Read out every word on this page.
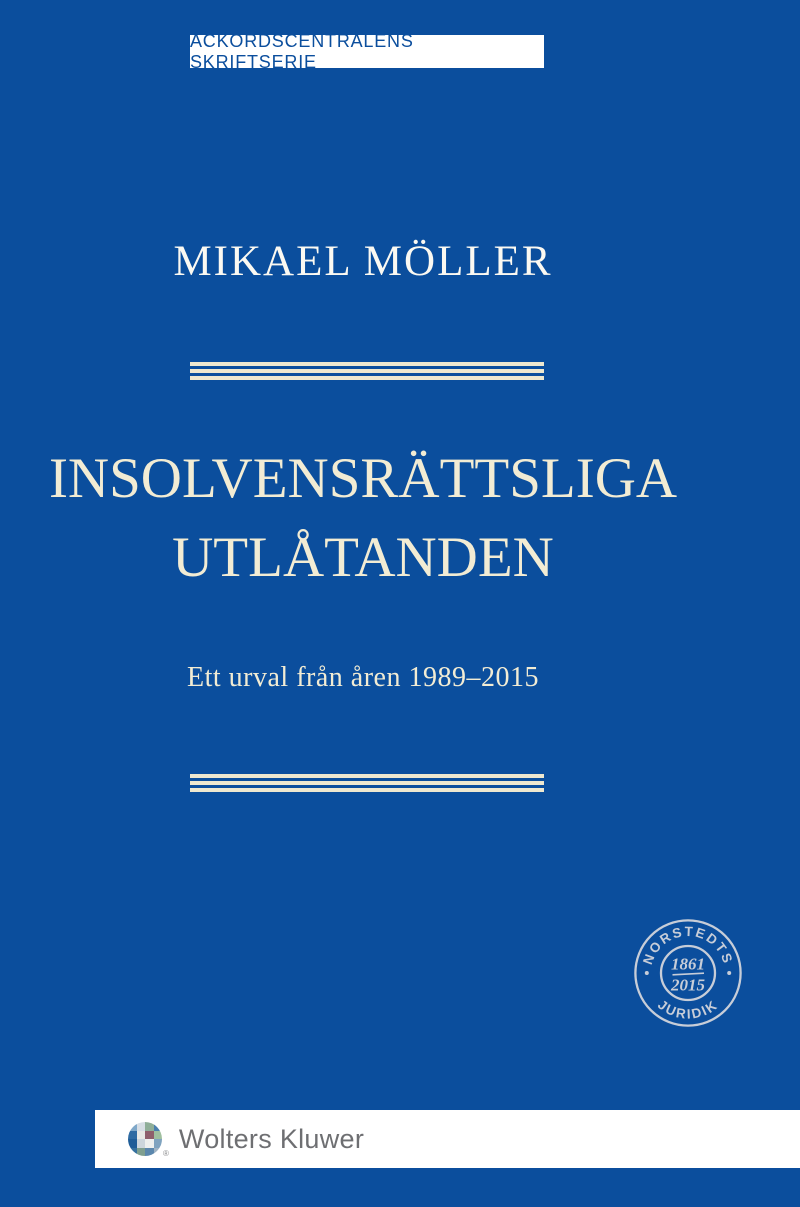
ACKORDSCENTRALENS SKRIFTSERIE
MIKAEL MÖLLER
INSOLVENSRÄTTSLIGA
UTLÅTANDEN
Ett urval från åren 1989–2015
NORSTEDTS
JURIDIK
1861
2015
® Wolters Kluwer
